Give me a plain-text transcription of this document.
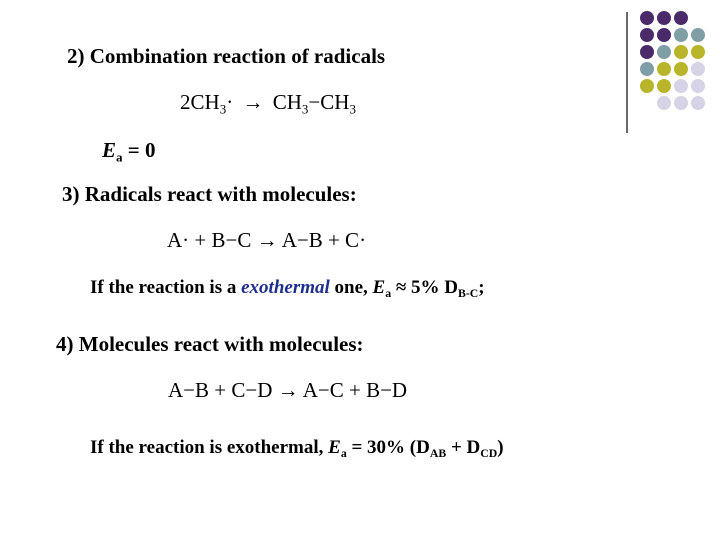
2) Combination reaction of radicals
$2CH_3\cdot \to CH_3-CH_3$
$E_a = 0$
3) Radicals react with molecules:
A· + B−C → A−B + C·
If the reaction is a exothermal one, $E_a \approx 5\%$ $D_{B-C}$;
4) Molecules react with molecules:
A−B + C−D → A−C + B−D
If the reaction is exothermal, $E_a = 30\%$ $(D_{AB} + D_{CD})$
